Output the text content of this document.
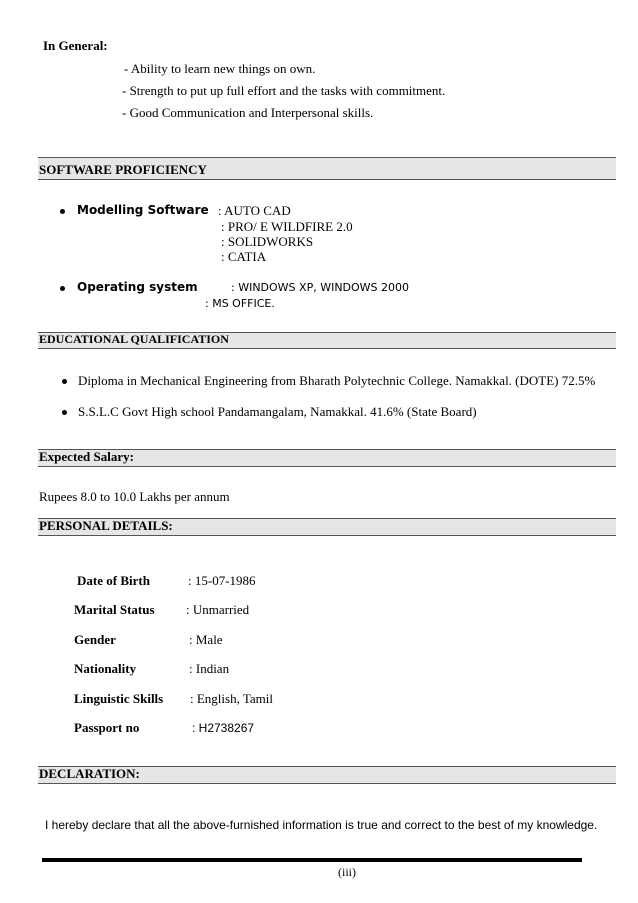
In General:
- Ability to learn new things on own.
- Strength to put up full effort and the tasks with commitment.
- Good Communication and Interpersonal skills.
SOFTWARE PROFICIENCY
Modelling Software : AUTO CAD
: PRO/ E WILDFIRE 2.0
: SOLIDWORKS
: CATIA
Operating system	: WINDOWS XP, WINDOWS 2000
: MS OFFICE.
EDUCATIONAL QUALIFICATION
Diploma in Mechanical Engineering from Bharath Polytechnic College. Namakkal. (DOTE) 72.5%
S.S.L.C Govt High school Pandamangalam, Namakkal. 41.6% (State Board)
Expected Salary:
Rupees 8.0 to 10.0 Lakhs per annum
PERSONAL DETAILS:
Date of Birth	: 15-07-1986
Marital Status : Unmarried
Gender	: Male
Nationality	: Indian
Linguistic Skills : English, Tamil
Passport no	: H2738267
DECLARATION:
I hereby declare that all the above-furnished information is true and correct to the best of my knowledge.
(iii)
